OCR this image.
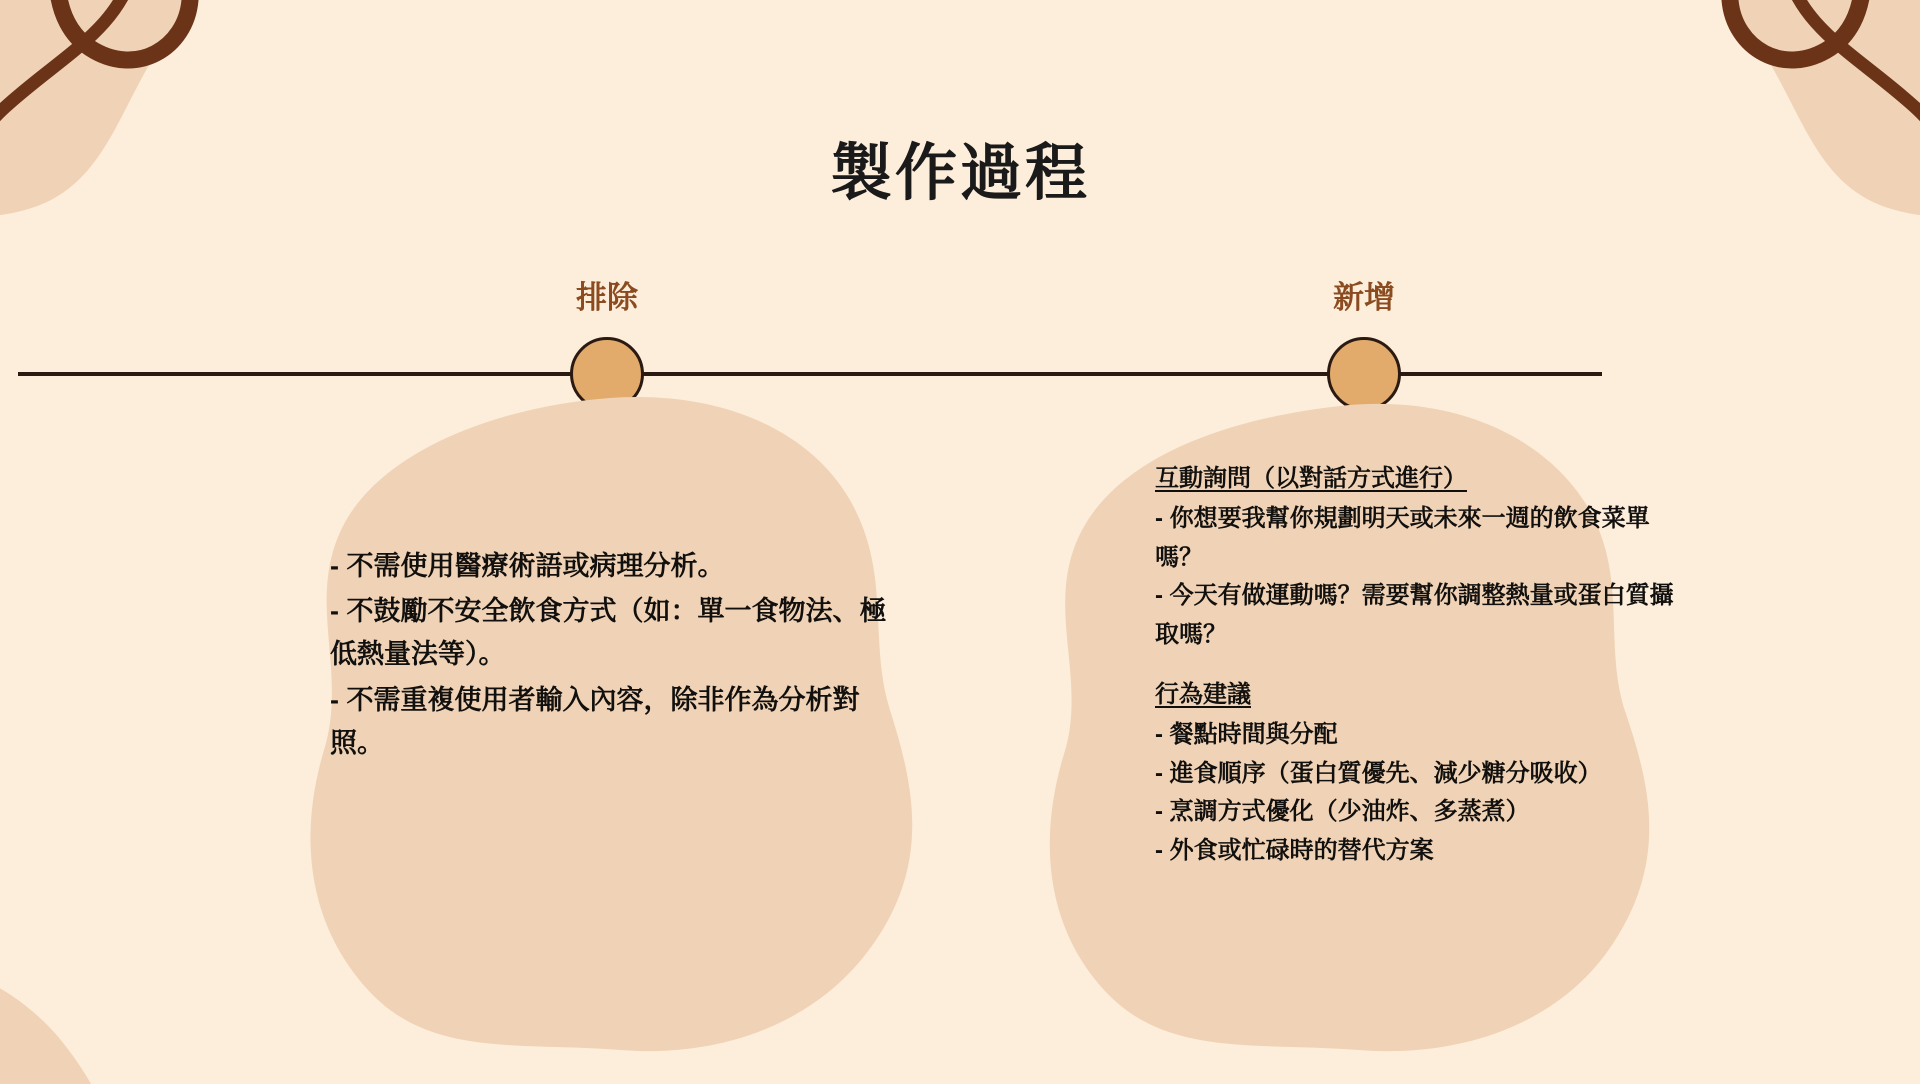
製作過程
排除	新增
- 不需使用醫療術語或病理分析。
- 不鼓勵不安全飲食方式（如：單一食物法、極低熱量法等）。
- 不需重複使用者輸入內容，除非作為分析對照。
互動詢問（以對話方式進行）
- 你想要我幫你規劃明天或未來一週的飲食菜單嗎？
- 今天有做運動嗎？需要幫你調整熱量或蛋白質攝取嗎？
行為建議
- 餐點時間與分配
- 進食順序（蛋白質優先、減少糖分吸收）
- 烹調方式優化（少油炸、多蒸煮）
- 外食或忙碌時的替代方案
